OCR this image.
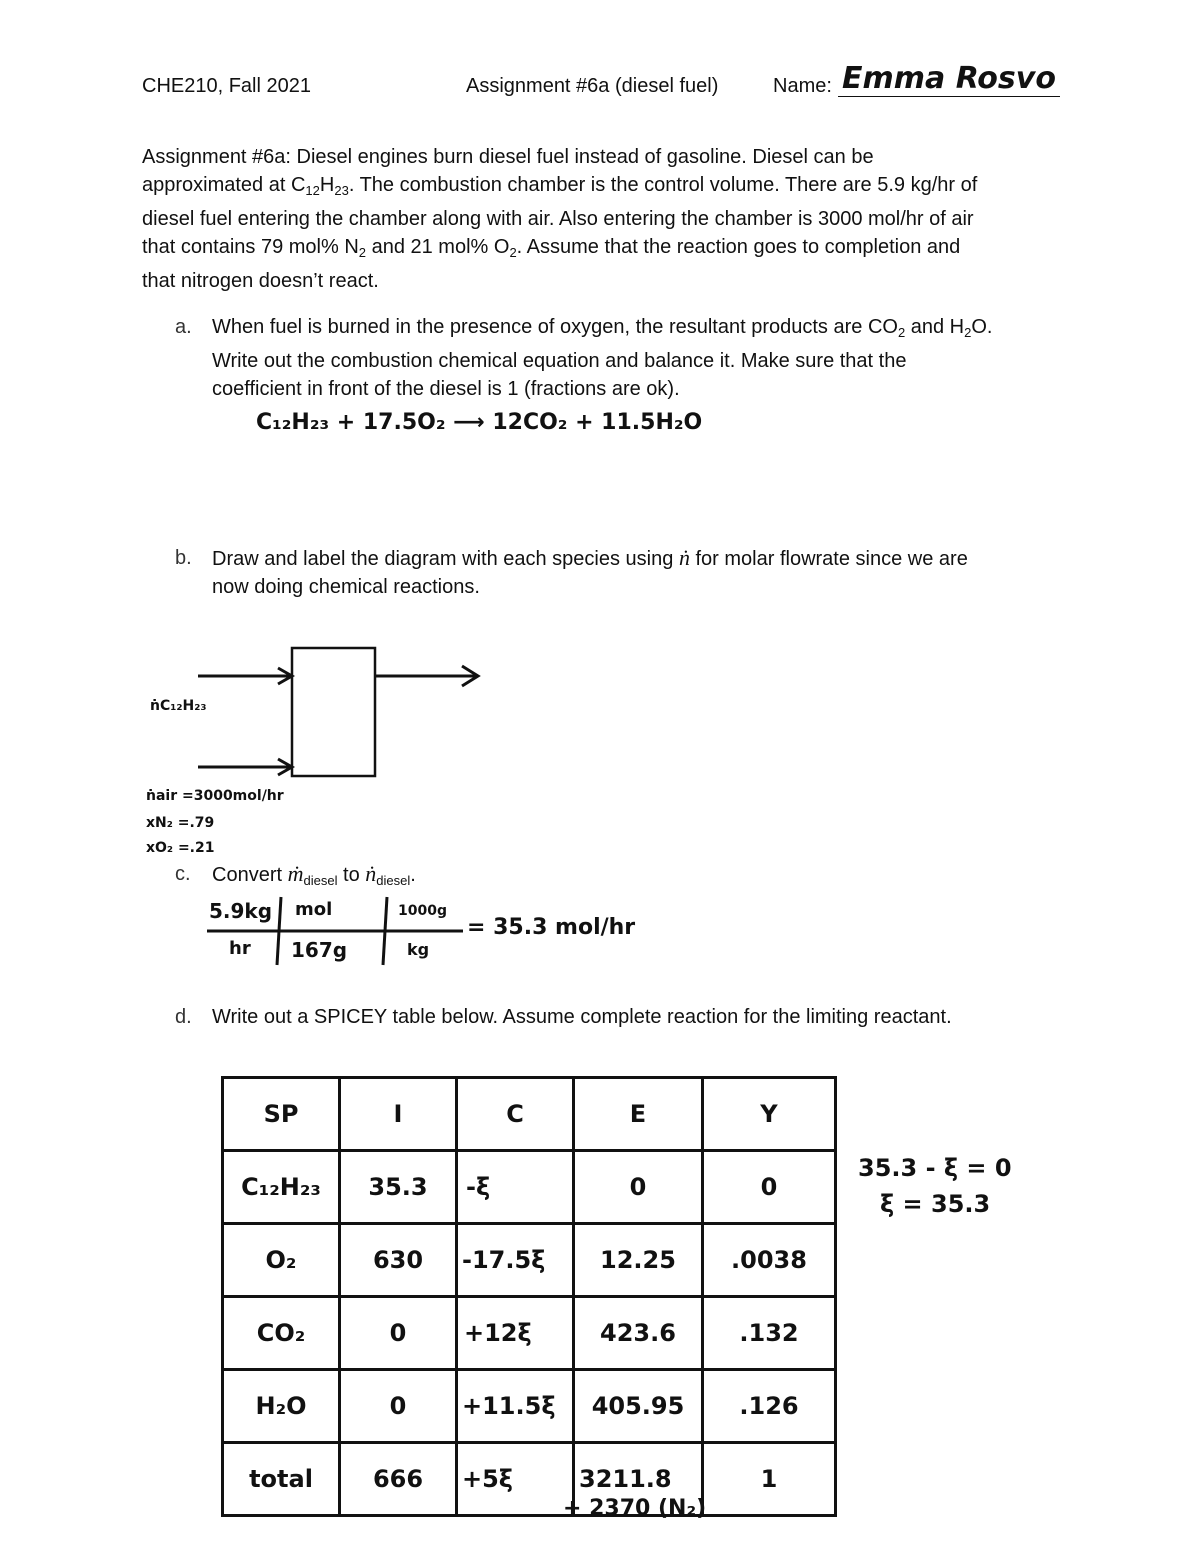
CHE210, Fall 2021	Assignment #6a (diesel fuel)	Name: Emma Rosvo
Assignment #6a: Diesel engines burn diesel fuel instead of gasoline. Diesel can be
approximated at $C_{12}H_{23}$. The combustion chamber is the control volume. There are 5.9 kg/hr of
diesel fuel entering the chamber along with air. Also entering the chamber is 3000 mol/hr of air
that contains 79 mol% $N_2$ and 21 mol% $O_2$. Assume that the reaction goes to completion and
that nitrogen doesn’t react.
a. When fuel is burned in the presence of oxygen, the resultant products are $CO_2$ and $H_2O$.
Write out the combustion chemical equation and balance it. Make sure that the
coefficient in front of the diesel is 1 (fractions are ok).
C₁₂H₂₃ + 17.5O₂ ⟶ 12CO₂ + 11.5H₂O
b. Draw and label the diagram with each species using ṅ for molar flowrate since we are
now doing chemical reactions.
ṅC₁₂H₂₃
ṅair =3000mol/hr
xN₂ =.79
xO₂ =.21
c. Convert ṁ$_{diesel}$ to ṅ$_{diesel}$.
5.9kg
hr
mol
167g
1000g
kg
= 35.3 mol/hr
d. Write out a SPICEY table below. Assume complete reaction for the limiting reactant.
SP	I	C	E	Y
C₁₂H₂₃	35.3	-ξ	0	0
O₂	630	-17.5ξ	12.25	.0038
CO₂	0	+12ξ	423.6	.132
H₂O	0	+11.5ξ	405.95	.126
total	666	+5ξ	3211.8	1
35.3 - ξ = 0
ξ = 35.3
+ 2370 (N₂)
